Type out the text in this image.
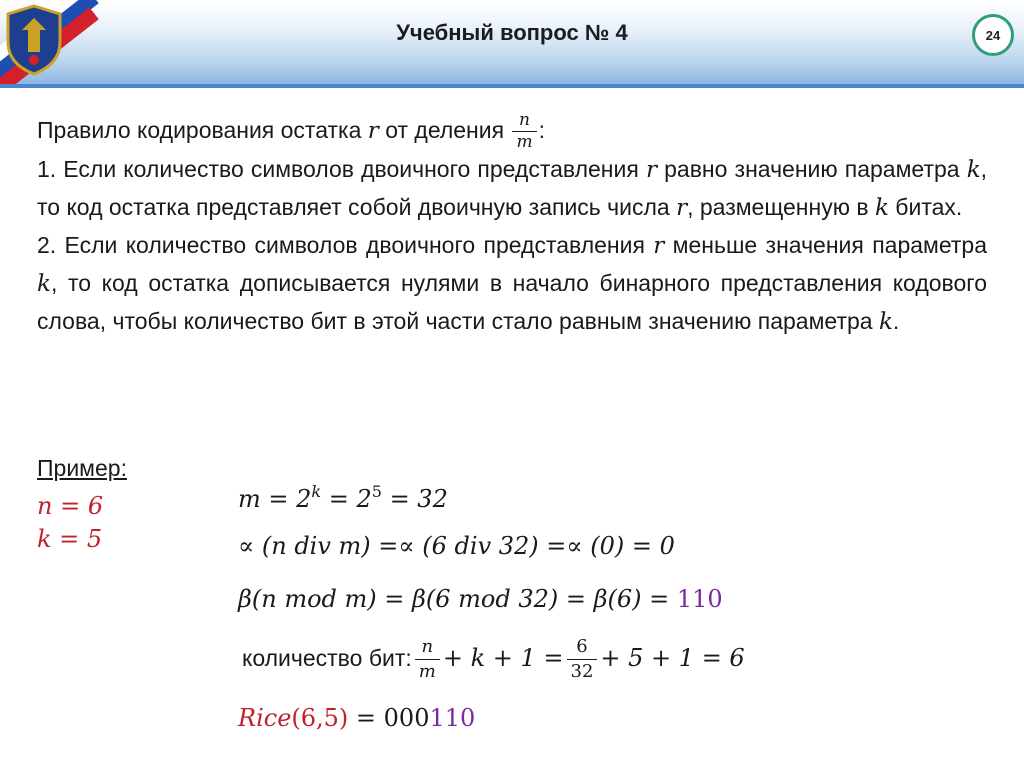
Учебный вопрос № 4	24

Правило кодирования остатка r от деления $\frac{n}{m}$ :

1. Если количество символов двоичного представления r равно значению параметра k, то код остатка представляет собой двоичную запись числа r, размещенную в k битах.

2. Если количество символов двоичного представления r меньше значения параметра k, то код остатка дописывается нулями в начало бинарного представления кодового слова, чтобы количество бит в этой части стало равным значению параметра k.

Пример:
n = 6
k = 5
$m = 2^k = 2^5 = 32$
∝ (n div m) =∝ (6 div 32) =∝ (0) = 0
β(n mod m) = β(6 mod 32) = β(6) = 110
количество бит: $\frac{n}{m} + k + 1 = \frac{6}{32} + 5 + 1 = 6$
Rice(6,5) = 000110
